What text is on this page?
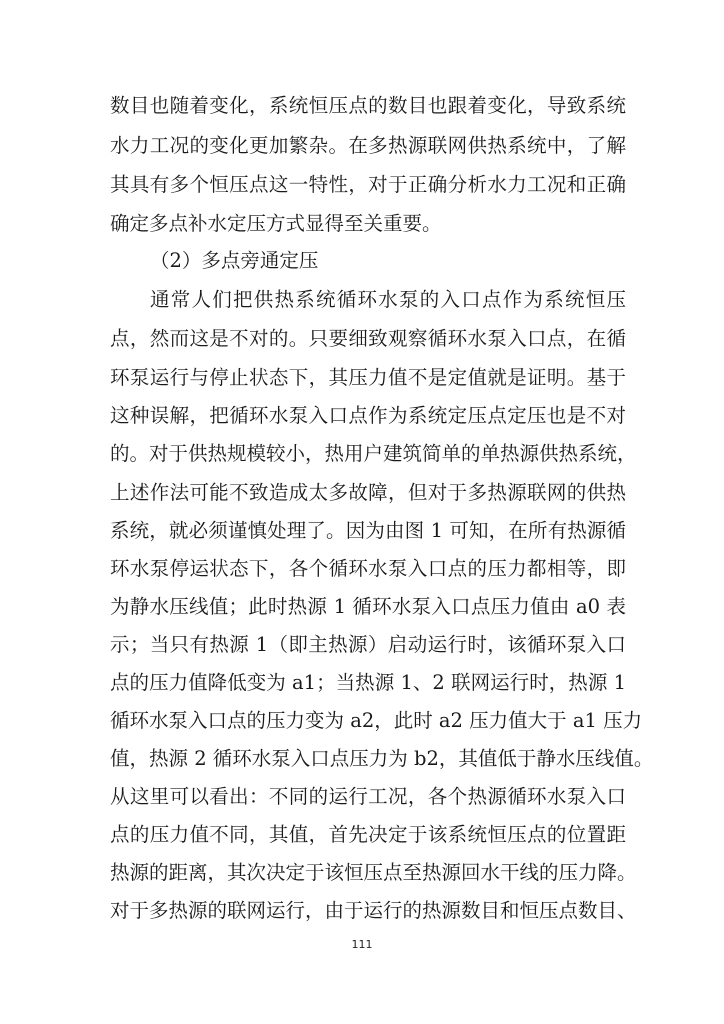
数目也随着变化，系统恒压点的数目也跟着变化，导致系统
水力工况的变化更加繁杂。在多热源联网供热系统中，了解
其具有多个恒压点这一特性，对于正确分析水力工况和正确
确定多点补水定压方式显得至关重要。
（2）多点旁通定压
通常人们把供热系统循环水泵的入口点作为系统恒压
点，然而这是不对的。只要细致观察循环水泵入口点，在循
环泵运行与停止状态下，其压力值不是定值就是证明。基于
这种误解，把循环水泵入口点作为系统定压点定压也是不对
的。对于供热规模较小，热用户建筑简单的单热源供热系统，
上述作法可能不致造成太多故障，但对于多热源联网的供热
系统，就必须谨慎处理了。因为由图 1 可知，在所有热源循
环水泵停运状态下，各个循环水泵入口点的压力都相等，即
为静水压线值；此时热源 1 循环水泵入口点压力值由 a0 表
示；当只有热源 1（即主热源）启动运行时，该循环泵入口
点的压力值降低变为 a1；当热源 1、2 联网运行时，热源 1
循环水泵入口点的压力变为 a2，此时 a2 压力值大于 a1 压力
值，热源 2 循环水泵入口点压力为 b2，其值低于静水压线值。
从这里可以看出：不同的运行工况，各个热源循环水泵入口
点的压力值不同，其值，首先决定于该系统恒压点的位置距
热源的距离，其次决定于该恒压点至热源回水干线的压力降。
对于多热源的联网运行，由于运行的热源数目和恒压点数目、
111
